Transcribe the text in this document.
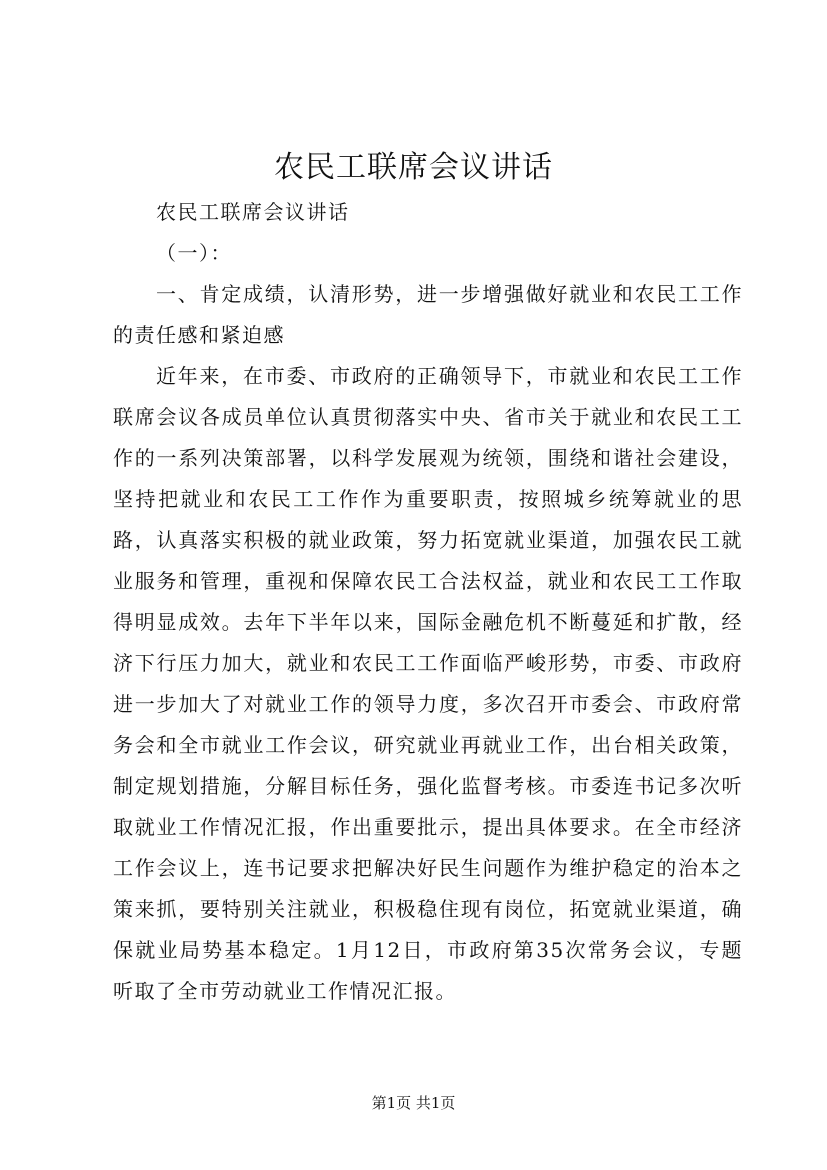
农民工联席会议讲话

农民工联席会议讲话

（一）：

一、肯定成绩，认清形势，进一步增强做好就业和农民工工作的责任感和紧迫感

近年来，在市委、市政府的正确领导下，市就业和农民工工作联席会议各成员单位认真贯彻落实中央、省市关于就业和农民工工作的一系列决策部署，以科学发展观为统领，围绕和谐社会建设，坚持把就业和农民工工作作为重要职责，按照城乡统筹就业的思路，认真落实积极的就业政策，努力拓宽就业渠道，加强农民工就业服务和管理，重视和保障农民工合法权益，就业和农民工工作取得明显成效。去年下半年以来，国际金融危机不断蔓延和扩散，经济下行压力加大，就业和农民工工作面临严峻形势，市委、市政府进一步加大了对就业工作的领导力度，多次召开市委会、市政府常务会和全市就业工作会议，研究就业再就业工作，出台相关政策，制定规划措施，分解目标任务，强化监督考核。市委连书记多次听取就业工作情况汇报，作出重要批示，提出具体要求。在全市经济工作会议上，连书记要求把解决好民生问题作为维护稳定的治本之策来抓，要特别关注就业，积极稳住现有岗位，拓宽就业渠道，确保就业局势基本稳定。1月12日，市政府第35次常务会议，专题听取了全市劳动就业工作情况汇报。

第1页 共1页
